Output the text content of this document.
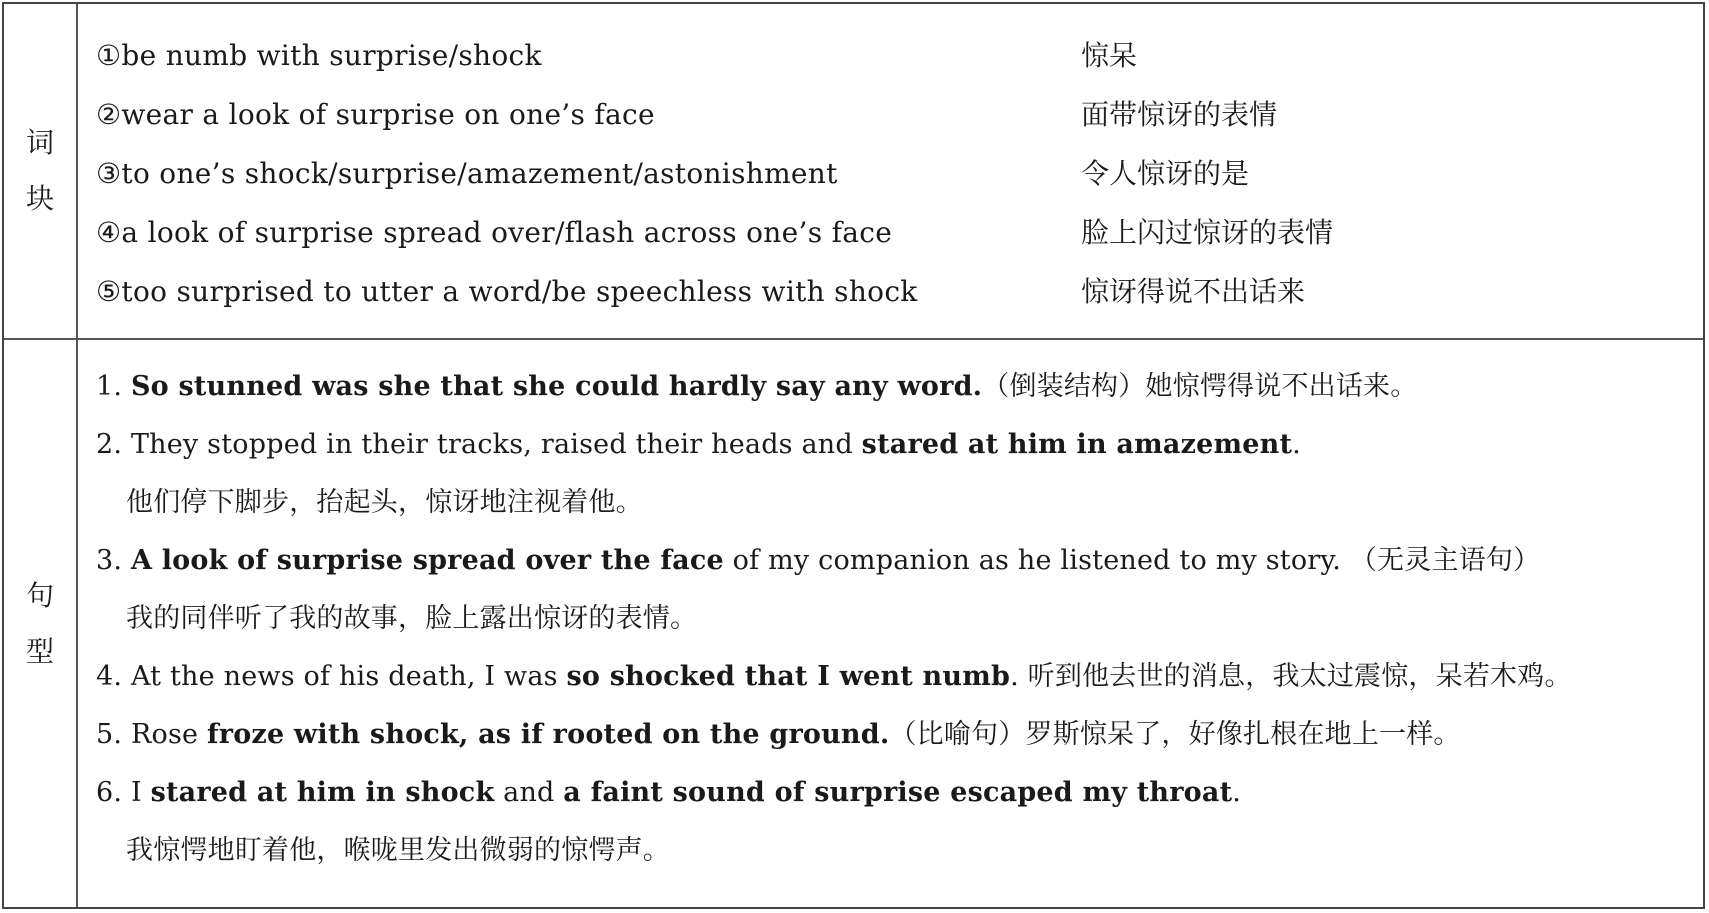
词
块
①be numb with surprise/shock	惊呆
②wear a look of surprise on one’s face	面带惊讶的表情
③to one’s shock/surprise/amazement/astonishment	令人惊讶的是
④a look of surprise spread over/flash across one’s face	脸上闪过惊讶的表情
⑤too surprised to utter a word/be speechless with shock	惊讶得说不出话来
句
型
1. So stunned was she that she could hardly say any word.（倒装结构）她惊愕得说不出话来。
2. They stopped in their tracks, raised their heads and stared at him in amazement.
他们停下脚步，抬起头，惊讶地注视着他。
3. A look of surprise spread over the face of my companion as he listened to my story. （无灵主语句）
我的同伴听了我的故事，脸上露出惊讶的表情。
4. At the news of his death, I was so shocked that I went numb. 听到他去世的消息，我太过震惊，呆若木鸡。
5. Rose froze with shock, as if rooted on the ground.（比喻句）罗斯惊呆了，好像扎根在地上一样。
6. I stared at him in shock and a faint sound of surprise escaped my throat.
我惊愕地盯着他，喉咙里发出微弱的惊愕声。
